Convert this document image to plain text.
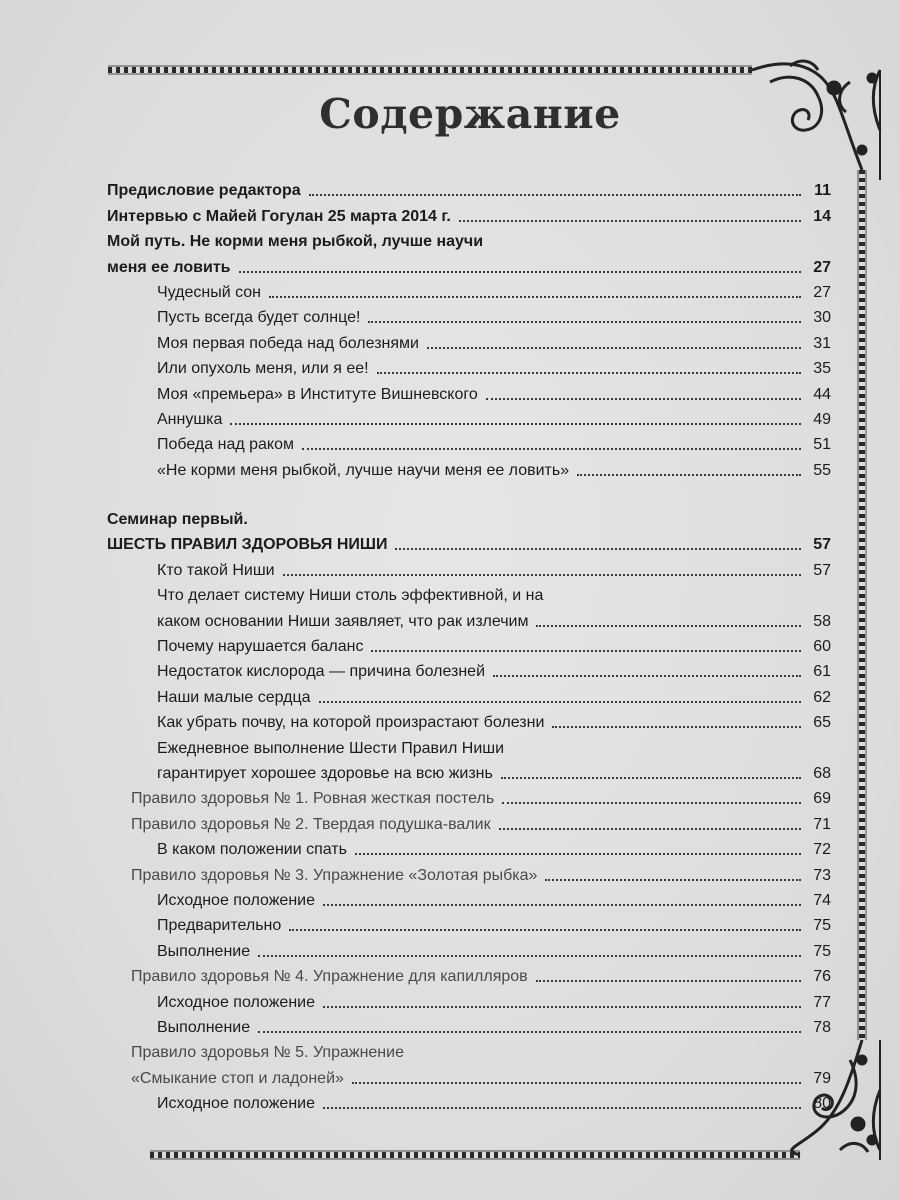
Содержание
Предисловие редактора	11
Интервью с Майей Гогулан 25 марта 2014 г.	14
Мой путь. Не корми меня рыбкой, лучше научи
меня ее ловить	27
Чудесный сон	27
Пусть всегда будет солнце!	30
Моя первая победа над болезнями	31
Или опухоль меня, или я ее!	35
Моя «премьера» в Институте Вишневского	44
Аннушка	49
Победа над раком	51
«Не корми меня рыбкой, лучше научи меня ее ловить»	55
Семинар первый.
ШЕСТЬ ПРАВИЛ ЗДОРОВЬЯ НИШИ	57
Кто такой Ниши	57
Что делает систему Ниши столь эффективной, и на
каком основании Ниши заявляет, что рак излечим	58
Почему нарушается баланс	60
Недостаток кислорода — причина болезней	61
Наши малые сердца	62
Как убрать почву, на которой произрастают болезни	65
Ежедневное выполнение Шести Правил Ниши
гарантирует хорошее здоровье на всю жизнь	68
Правило здоровья № 1. Ровная жесткая постель	69
Правило здоровья № 2. Твердая подушка-валик	71
В каком положении спать	72
Правило здоровья № 3. Упражнение «Золотая рыбка»	73
Исходное положение	74
Предварительно	75
Выполнение	75
Правило здоровья № 4. Упражнение для капилляров	76
Исходное положение	77
Выполнение	78
Правило здоровья № 5. Упражнение
«Смыкание стоп и ладоней»	79
Исходное положение	80
